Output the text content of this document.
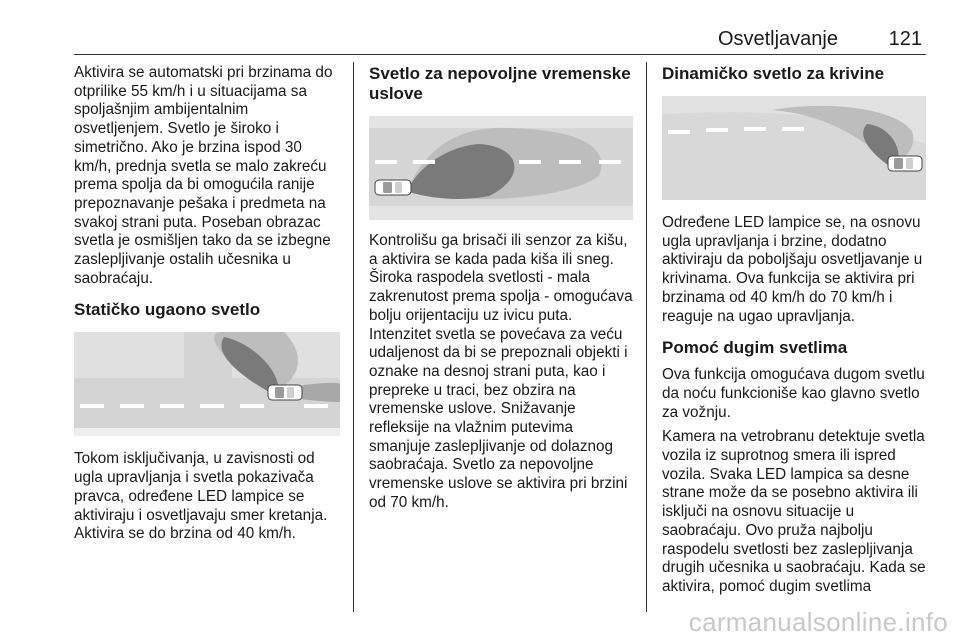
Osvetljavanje	121

Aktivira se automatski pri brzinama do otprilike 55 km/h i u situacijama sa spoljašnjim ambijentalnim osvetljenjem. Svetlo je široko i simetrično. Ako je brzina ispod 30 km/h, prednja svetla se malo zakreću prema spolja da bi omogućila ranije prepoznavanje pešaka i predmeta na svakoj strani puta. Poseban obrazac svetla je osmišljen tako da se izbegne zaslepljivanje ostalih učesnika u saobraćaju.

Statičko ugaono svetlo

Tokom isključivanja, u zavisnosti od ugla upravljanja i svetla pokazivača pravca, određene LED lampice se aktiviraju i osvetljavaju smer kretanja. Aktivira se do brzina od 40 km/h.

Svetlo za nepovoljne vremenske uslove

Kontrolišu ga brisači ili senzor za kišu, a aktivira se kada pada kiša ili sneg. Široka raspodela svetlosti - mala zakrenutost prema spolja - omogućava bolju orijentaciju uz ivicu puta. Intenzitet svetla se povećava za veću udaljenost da bi se prepoznali objekti i oznake na desnoj strani puta, kao i prepreke u traci, bez obzira na vremenske uslove. Snižavanje refleksije na vlažnim putevima smanjuje zaslepljivanje od dolaznog saobraćaja. Svetlo za nepovoljne vremenske uslove se aktivira pri brzini od 70 km/h.

Dinamičko svetlo za krivine

Određene LED lampice se, na osnovu ugla upravljanja i brzine, dodatno aktiviraju da poboljšaju osvetljavanje u krivinama. Ova funkcija se aktivira pri brzinama od 40 km/h do 70 km/h i reaguje na ugao upravljanja.

Pomoć dugim svetlima

Ova funkcija omogućava dugom svetlu da noću funkcioniše kao glavno svetlo za vožnju.

Kamera na vetrobranu detektuje svetla vozila iz suprotnog smera ili ispred vozila. Svaka LED lampica sa desne strane može da se posebno aktivira ili isključi na osnovu situacije u saobraćaju. Ovo pruža najbolju raspodelu svetlosti bez zaslepljivanja drugih učesnika u saobraćaju. Kada se aktivira, pomoć dugim svetlima

carmanualsonline.info
